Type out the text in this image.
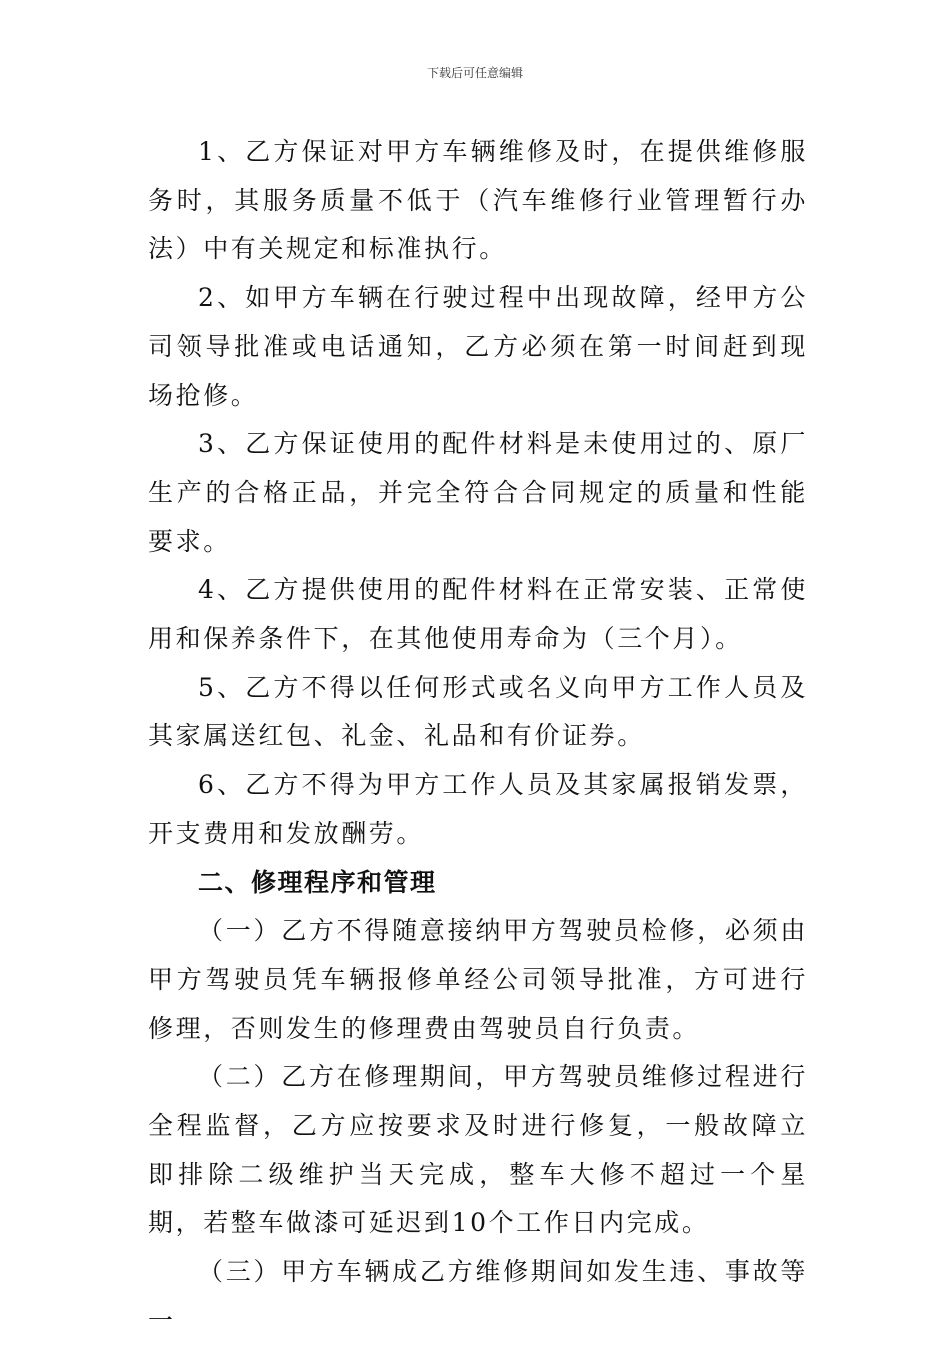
下载后可任意编辑

1、乙方保证对甲方车辆维修及时，在提供维修服务时，其服务质量不低于（汽车维修行业管理暂行办法）中有关规定和标准执行。

2、如甲方车辆在行驶过程中出现故障，经甲方公司领导批准或电话通知，乙方必须在第一时间赶到现场抢修。

3、乙方保证使用的配件材料是未使用过的、原厂生产的合格正品，并完全符合合同规定的质量和性能要求。

4、乙方提供使用的配件材料在正常安装、正常使用和保养条件下，在其他使用寿命为（三个月）。

5、乙方不得以任何形式或名义向甲方工作人员及其家属送红包、礼金、礼品和有价证券。

6、乙方不得为甲方工作人员及其家属报销发票，开支费用和发放酬劳。

二、修理程序和管理

（一）乙方不得随意接纳甲方驾驶员检修，必须由甲方驾驶员凭车辆报修单经公司领导批准，方可进行修理，否则发生的修理费由驾驶员自行负责。

（二）乙方在修理期间，甲方驾驶员维修过程进行全程监督，乙方应按要求及时进行修复，一般故障立即排除二级维护当天完成，整车大修不超过一个星期，若整车做漆可延迟到10个工作日内完成。

（三）甲方车辆成乙方维修期间如发生违、事故等一
